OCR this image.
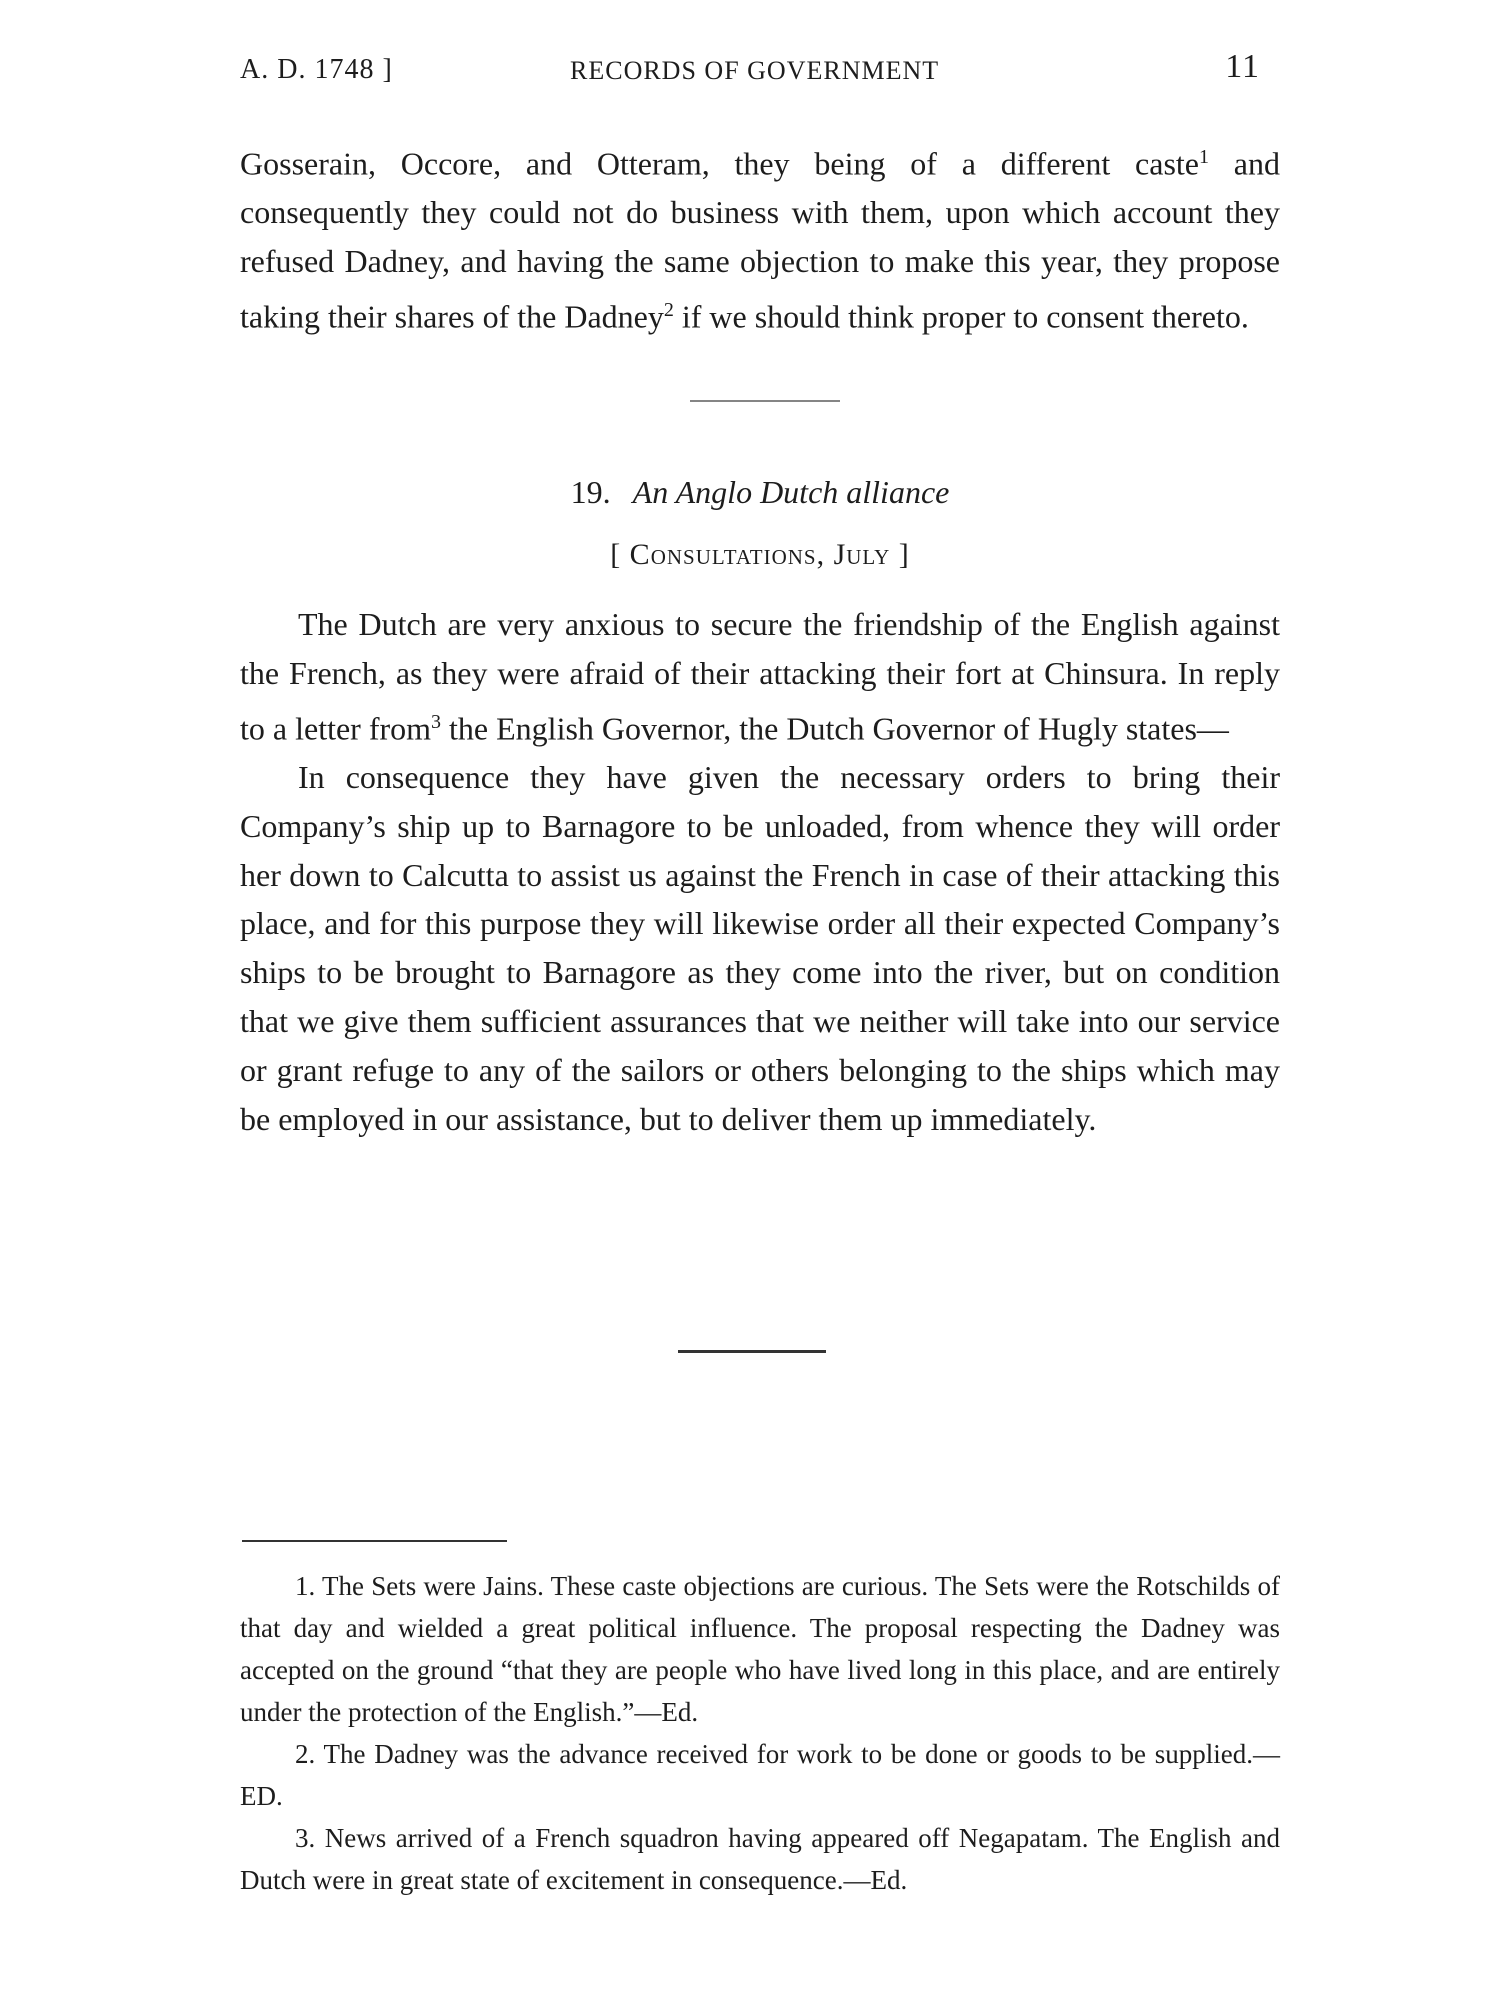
A. D. 1748 ]	RECORDS OF GOVERNMENT	11

Gosserain, Occore, and Otteram, they being of a different caste$^1$ and consequently they could not do business with them, upon which account they refused Dadney, and having the same objection to make this year, they propose taking their shares of the Dadney$^2$ if we should think proper to consent thereto.

19. An Anglo Dutch alliance
[ Consultations, July ]

The Dutch are very anxious to secure the friendship of the English against the French, as they were afraid of their attacking their fort at Chinsura. In reply to a letter from$^3$ the English Governor, the Dutch Governor of Hugly states—

In consequence they have given the necessary orders to bring their Company’s ship up to Barnagore to be unloaded, from whence they will order her down to Calcutta to assist us against the French in case of their attacking this place, and for this purpose they will likewise order all their expected Company’s ships to be brought to Barnagore as they come into the river, but on condition that we give them sufficient assurances that we neither will take into our service or grant refuge to any of the sailors or others belonging to the ships which may be employed in our assistance, but to deliver them up immediately.

1. The Sets were Jains. These caste objections are curious. The Sets were the Rotschilds of that day and wielded a great political influence. The proposal respecting the Dadney was accepted on the ground “that they are people who have lived long in this place, and are entirely under the protection of the English.”—Ed.

2. The Dadney was the advance received for work to be done or goods to be supplied.—ED.

3. News arrived of a French squadron having appeared off Negapatam. The English and Dutch were in great state of excitement in consequence.—Ed.
